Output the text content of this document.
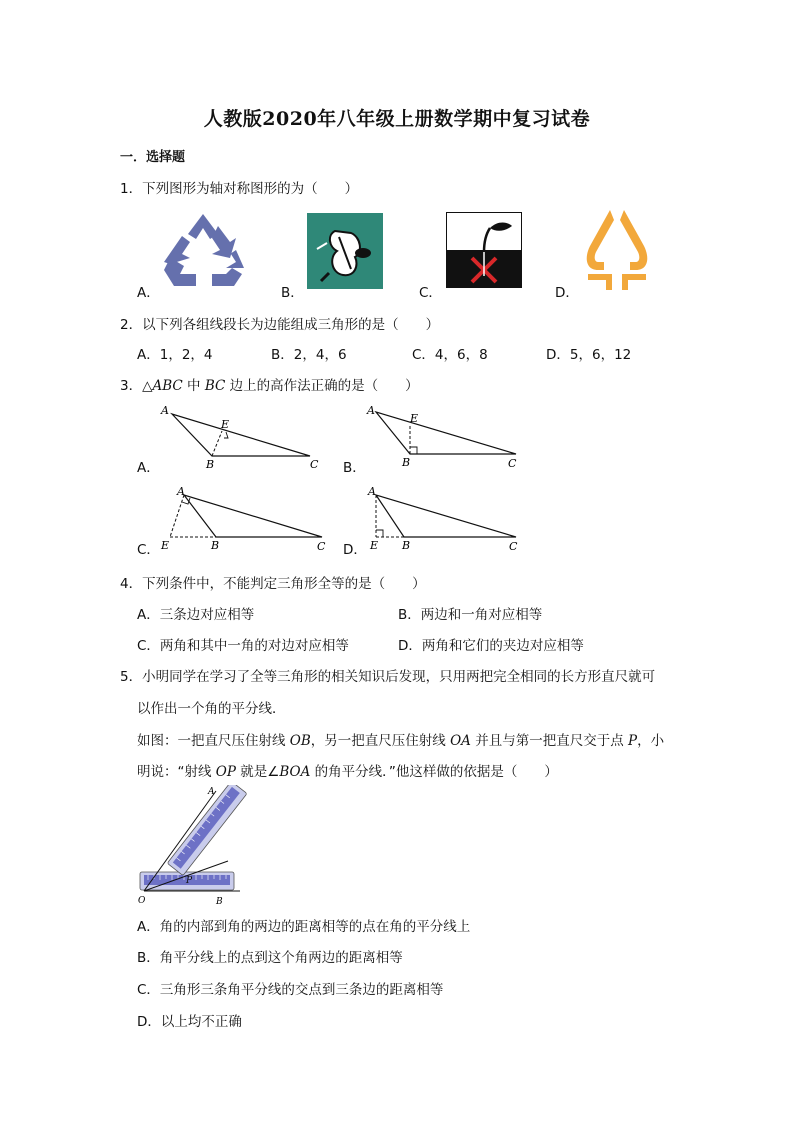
人教版2020年八年级上册数学期中复习试卷
一．选择题
1．下列图形为轴对称图形的为（　　）
A．	B．	C．	D．
2．以下列各组线段长为边能组成三角形的是（　　）
A．1，2，4	B．2，4，6	C．4，6，8	D．5，6，12
3．△ABC 中 BC 边上的高作法正确的是（　　）
A．
A
E
B	C B．
A
E
B	C
C．
A
E	B	C D．
A
E B	C
4．下列条件中，不能判定三角形全等的是（　　）
A．三条边对应相等	B．两边和一角对应相等
C．两角和其中一角的对边对应相等	D．两角和它们的夹边对应相等
5．小明同学在学习了全等三角形的相关知识后发现，只用两把完全相同的长方形直尺就可
以作出一个角的平分线．
如图：一把直尺压住射线 OB，另一把直尺压住射线 OA 并且与第一把直尺交于点 P，小
明说：“射线 OP 就是∠BOA 的角平分线．”他这样做的依据是（　　）
A
O	B
P
A．角的内部到角的两边的距离相等的点在角的平分线上
B．角平分线上的点到这个角两边的距离相等
C．三角形三条角平分线的交点到三条边的距离相等
D．以上均不正确
